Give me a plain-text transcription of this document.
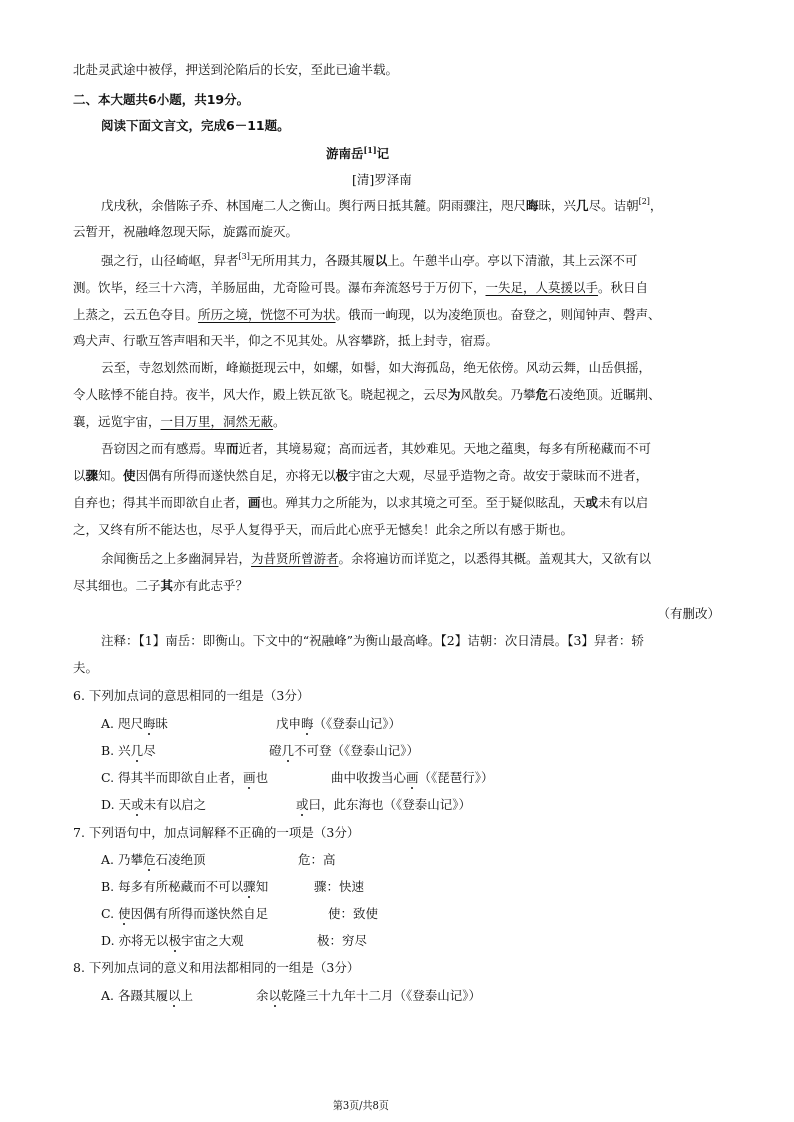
北赴灵武途中被俘，押送到沦陷后的长安，至此已逾半载。
二、本大题共6小题，共19分。
阅读下面文言文，完成6－11题。
游南岳[1]记
[清]罗泽南
戊戌秋，余偕陈子乔、林国庵二人之衡山。舆行两日抵其麓。阴雨骤注，咫尺晦昧，兴几尽。诘朝[2]，
云暂开，祝融峰忽现天际，旋露而旋灭。
强之行，山径崎岖，舁者[3]无所用其力，各蹑其履以上。午憩半山亭。亭以下清澈，其上云深不可
测。饮毕，经三十六湾，羊肠屈曲，尤奇险可畏。瀑布奔流怒号于万仞下，一失足，人莫援以手。秋日自
上蒸之，云五色夺目。所历之境，恍惚不可为状。俄而一峋现，以为凌绝顶也。奋登之，则闻钟声、磬声、
鸡犬声、行歌互答声唱和天半，仰之不见其处。从容攀跻，抵上封寺，宿焉。
云至，寺忽划然而断，峰巅挺现云中，如螺，如髻，如大海孤岛，绝无依傍。风动云舞，山岳俱摇，
令人眩悸不能自持。夜半，风大作，殿上铁瓦欲飞。晓起视之，云尽为风散矣。乃攀危石凌绝顶。近瞩荆、
襄，远览宇宙，一目万里，洞然无蔽。
吾窃因之而有感焉。卑而近者，其境易窥；高而远者，其妙难见。天地之蕴奥，每多有所秘藏而不可
以骤知。使因偶有所得而遂快然自足，亦将无以极宇宙之大观，尽显乎造物之奇。故安于蒙昧而不进者，
自弃也；得其半而即欲自止者，画也。殚其力之所能为，以求其境之可至。至于疑似眩乱，天或未有以启
之，又终有所不能达也，尽乎人复得乎天，而后此心庶乎无憾矣！此余之所以有感于斯也。
余闻衡岳之上多幽洞异岩，为昔贤所曾游者。余将遍访而详览之，以悉得其概。盖观其大，又欲有以
尽其细也。二子其亦有此志乎？
（有删改）
注释：【1】南岳：即衡山。下文中的“祝融峰”为衡山最高峰。【2】诘朝：次日清晨。【3】舁者：轿
夫。
6. 下列加点词的意思相同的一组是（3分）
A. 咫尺晦昧	戊申晦（《登泰山记》）
B. 兴几尽	磴几不可登（《登泰山记》）
C. 得其半而即欲自止者，画也	曲中收拨当心画（《琵琶行》）
D. 天或未有以启之	或曰，此东海也（《登泰山记》）
7. 下列语句中，加点词解释不正确的一项是（3分）
A. 乃攀危石凌绝顶	危：高
B. 每多有所秘藏而不可以骤知	骤：快速
C. 使因偶有所得而遂快然自足	使：致使
D. 亦将无以极宇宙之大观	极：穷尽
8. 下列加点词的意义和用法都相同的一组是（3分）
A. 各蹑其履以上	余以乾隆三十九年十二月（《登泰山记》）
第3页/共8页
